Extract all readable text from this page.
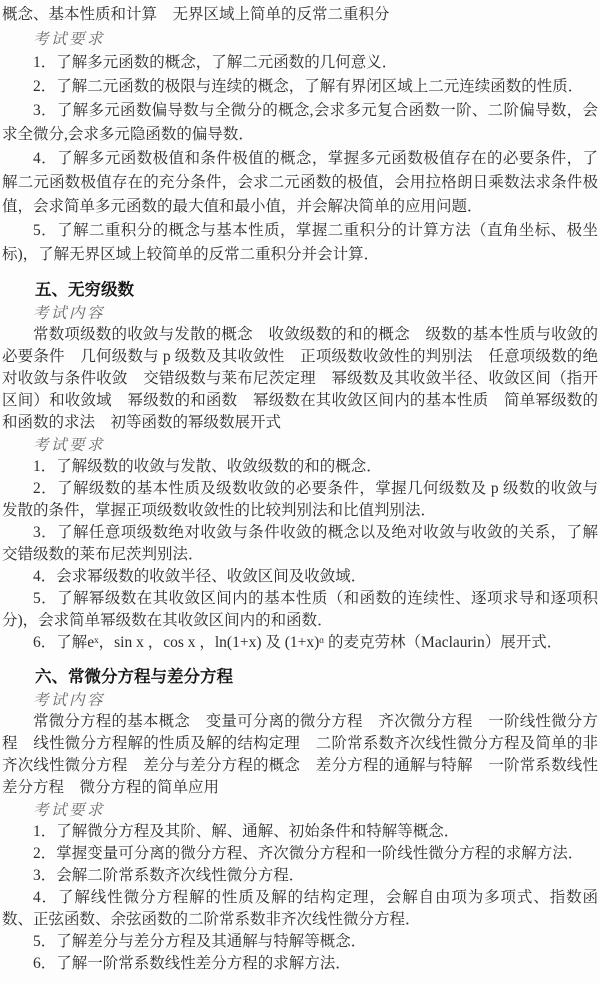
概念、基本性质和计算　无界区域上简单的反常二重积分

考试要求

1．了解多元函数的概念，了解二元函数的几何意义．

2．了解二元函数的极限与连续的概念，了解有界闭区域上二元连续函数的性质．

3．了解多元函数偏导数与全微分的概念,会求多元复合函数一阶、二阶偏导数，会求全微分,会求多元隐函数的偏导数．

4．了解多元函数极值和条件极值的概念，掌握多元函数极值存在的必要条件，了解二元函数极值存在的充分条件，会求二元函数的极值，会用拉格朗日乘数法求条件极值，会求简单多元函数的最大值和最小值，并会解决简单的应用问题．

5．了解二重积分的概念与基本性质，掌握二重积分的计算方法（直角坐标、极坐标)，了解无界区域上较简单的反常二重积分并会计算．

五、无穷级数

考试内容

常数项级数的收敛与发散的概念　收敛级数的和的概念　级数的基本性质与收敛的必要条件　几何级数与 p 级数及其收敛性　正项级数收敛性的判别法　任意项级数的绝对收敛与条件收敛　交错级数与莱布尼茨定理　幂级数及其收敛半径、收敛区间（指开区间）和收敛域　幂级数的和函数　幂级数在其收敛区间内的基本性质　简单幂级数的和函数的求法　初等函数的幂级数展开式

考试要求

1．了解级数的收敛与发散、收敛级数的和的概念．

2．了解级数的基本性质及级数收敛的必要条件，掌握几何级数及 p 级数的收敛与发散的条件，掌握正项级数收敛性的比较判别法和比值判别法．

3．了解任意项级数绝对收敛与条件收敛的概念以及绝对收敛与收敛的关系，了解交错级数的莱布尼茨判别法．

4．会求幂级数的收敛半径、收敛区间及收敛域．

5．了解幂级数在其收敛区间内的基本性质（和函数的连续性、逐项求导和逐项积分)，会求简单幂级数在其收敛区间内的和函数．

6．了解eˣ，sin x ，cos x ，ln(1+x) 及 (1+x)ᵅ 的麦克劳林（Maclaurin）展开式．

六、常微分方程与差分方程

考试内容

常微分方程的基本概念　变量可分离的微分方程　齐次微分方程　一阶线性微分方程　线性微分方程解的性质及解的结构定理　二阶常系数齐次线性微分方程及简单的非齐次线性微分方程　差分与差分方程的概念　差分方程的通解与特解　一阶常系数线性差分方程　微分方程的简单应用

考试要求

1．了解微分方程及其阶、解、通解、初始条件和特解等概念．

2．掌握变量可分离的微分方程、齐次微分方程和一阶线性微分方程的求解方法．

3．会解二阶常系数齐次线性微分方程．

4．了解线性微分方程解的性质及解的结构定理，会解自由项为多项式、指数函数、正弦函数、余弦函数的二阶常系数非齐次线性微分方程．

5．了解差分与差分方程及其通解与特解等概念．

6．了解一阶常系数线性差分方程的求解方法．
